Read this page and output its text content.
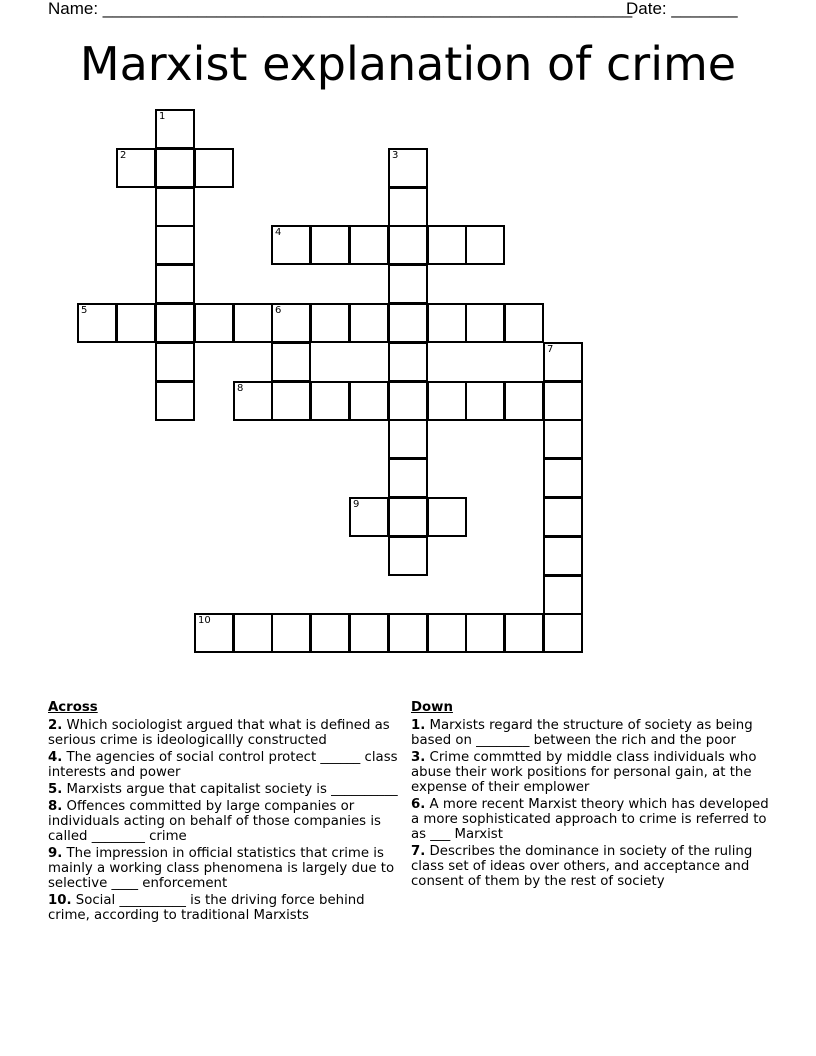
Name: ________________________________________________________

Date: _______

Marxist explanation of crime
1
2	3
4
5	6
7
8
9
10
Across
2. Which sociologist argued that what is defined as serious crime is ideologicallly constructed
4. The agencies of social control protect ______ class interests and power
5. Marxists argue that capitalist society is __________
8. Offences committed by large companies or individuals acting on behalf of those companies is called ________ crime
9. The impression in official statistics that crime is mainly a working class phenomena is largely due to selective ____ enforcement
10. Social __________ is the driving force behind crime, according to traditional Marxists
Down
1. Marxists regard the structure of society as being based on ________ between the rich and the poor
3. Crime commtted by middle class individuals who abuse their work positions for personal gain, at the expense of their emplower
6. A more recent Marxist theory which has developed a more sophisticated approach to crime is referred to as ___ Marxist
7. Describes the dominance in society of the ruling class set of ideas over others, and acceptance and consent of them by the rest of society
